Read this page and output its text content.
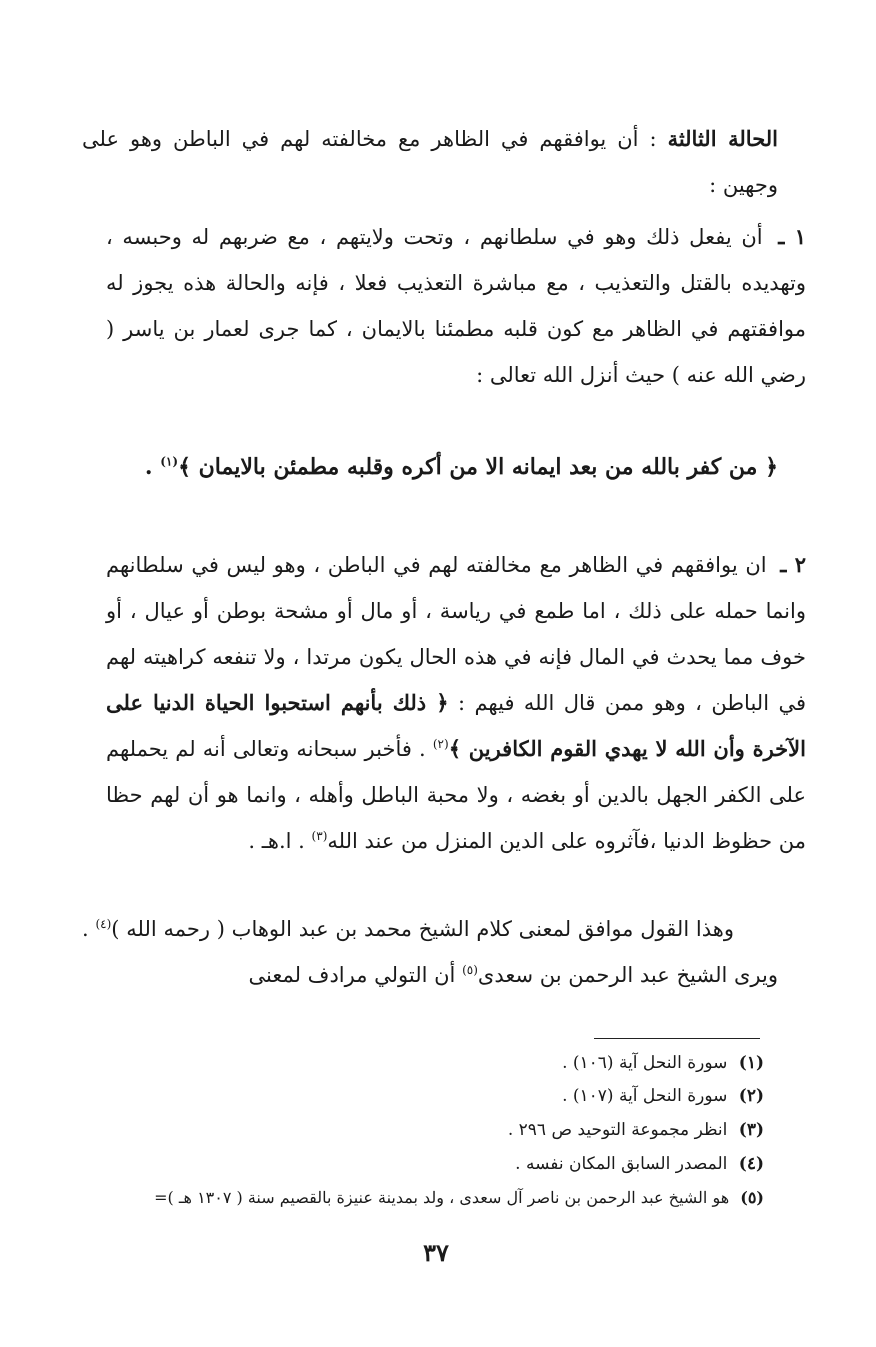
الحالة الثالثة : أن يوافقهم في الظاهر مع مخالفته لهم في الباطن وهو على وجهين :
١ ـ أن يفعل ذلك وهو في سلطانهم ، وتحت ولايتهم ، مع ضربهم له وحبسه ، وتهديده بالقتل والتعذيب ، مع مباشرة التعذيب فعلا ، فإنه والحالة هذه يجوز له موافقتهم في الظاهر مع كون قلبه مطمئنا بالايمان ، كما جرى لعمار بن ياسر ( رضي الله عنه ) حيث أنزل الله تعالى :
﴿ من كفر بالله من بعد ايمانه الا من أكره وقلبه مطمئن بالايمان ﴾$^{(١)}$ .
٢ ـ ان يوافقهم في الظاهر مع مخالفته لهم في الباطن ، وهو ليس في سلطانهم وانما حمله على ذلك ، اما طمع في رياسة ، أو مال أو مشحة بوطن أو عيال ، أو خوف مما يحدث في المال فإنه في هذه الحال يكون مرتدا ، ولا تنفعه كراهيته لهم في الباطن ، وهو ممن قال الله فيهم : ﴿ ذلك بأنهم استحبوا الحياة الدنيا على الآخرة وأن الله لا يهدي القوم الكافرين ﴾$^{(٢)}$ . فأخبر سبحانه وتعالى أنه لم يحملهم على الكفر الجهل بالدين أو بغضه ، ولا محبة الباطل وأهله ، وانما هو أن لهم حظا من حظوظ الدنيا ،فآثروه على الدين المنزل من عند الله$^{(٣)}$ . ا.هـ .
وهذا القول موافق لمعنى كلام الشيخ محمد بن عبد الوهاب ( رحمه الله )$^{(٤)}$ . ويرى الشيخ عبد الرحمن بن سعدى$^{(٥)}$ أن التولي مرادف لمعنى
(١) سورة النحل آية (١٠٦) .
(٢) سورة النحل آية (١٠٧) .
(٣) انظر مجموعة التوحيد ص ٢٩٦ .
(٤) المصدر السابق المكان نفسه .
(٥) هو الشيخ عبد الرحمن بن ناصر آل سعدى ، ولد بمدينة عنيزة بالقصيم سنة ( ١٣٠٧ هـ )=
٣٧
